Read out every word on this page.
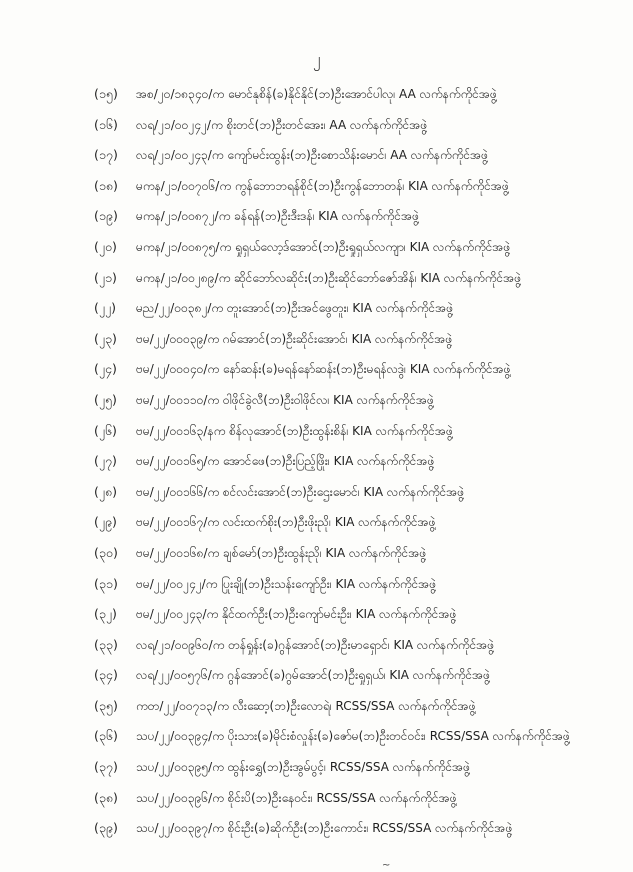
၂
(၁၅)	အစ/၂၀/၁၈၃၄၀/က မောင်နုစိန်(ခ)နိုင်နိုင်(ဘ)ဦးအောင်ပါလု၊ AA လက်နက်ကိုင်အဖွဲ့
(၁၆)	လရ/၂၁/၀၀၂၄၂/က စိုးတင်(ဘ)ဦးတင်အေး၊ AA လက်နက်ကိုင်အဖွဲ့
(၁၇)	လရ/၂၁/၀၀၂၄၃/က ကျော်မင်းထွန်း(ဘ)ဦးစောသိန်းမောင်၊ AA လက်နက်ကိုင်အဖွဲ့
(၁၈)	မကန/၂၁/၀၀၇၀၆/က ကွန်ဘောဘရန်စိုင်(ဘ)ဦးကွန်ဘောတန်၊ KIA လက်နက်ကိုင်အဖွဲ့
(၁၉)	မကန/၂၁/၀၀၈၇၂/က ခန်ရန်(ဘ)ဦးဒီးဒန်၊ KIA လက်နက်ကိုင်အဖွဲ့
(၂၀)	မကန/၂၁/၀၀၈၇၅/က ရှုရှယ်လော့ဒ်အောင်(ဘ)ဦးရှုရှယ်လကျာ၊ KIA လက်နက်ကိုင်အဖွဲ့
(၂၁)	မကန/၂၁/၀၀၂၈၉/က ဆိုင်ဘော်လဆိုင်း(ဘ)ဦးဆိုင်ဘော်ဇော်အိန်၊ KIA လက်နက်ကိုင်အဖွဲ့
(၂၂)	မည/၂၂/၀၀၃၈၂/က တူးအောင်(ဘ)ဦးအင်ဖွေတူး၊ KIA လက်နက်ကိုင်အဖွဲ့
(၂၃)	ဗမ/၂၂/၀၀၀၃၉/က ဂမ်အောင်(ဘ)ဦးဆိုင်းအောင်၊ KIA လက်နက်ကိုင်အဖွဲ့
(၂၄)	ဗမ/၂၂/၀၀၀၄၀/က နော်ဆန်း(ခ)မရန်နော်ဆန်း(ဘ)ဦးမရန်လဒွဲ၊ KIA လက်နက်ကိုင်အဖွဲ့
(၂၅)	ဗမ/၂၂/၀၀၁၁၀/က ဝါဖိုင်ခွဲလီ(ဘ)ဦးဝါဖိုင်လ၊ KIA လက်နက်ကိုင်အဖွဲ့
(၂၆)	ဗမ/၂၂/၀၀၁၆၃/နက စိန်လုအောင်(ဘ)ဦးထွန်းစိန်၊ KIA လက်နက်ကိုင်အဖွဲ့
(၂၇)	ဗမ/၂၂/၀၀၁၆၅/က အောင်ဖေ(ဘ)ဦးပြည့်ဖြိုး၊ KIA လက်နက်ကိုင်အဖွဲ့
(၂၈)	ဗမ/၂၂/၀၀၁၆၆/က စင်လင်းအောင်(ဘ)ဦးဌေးမောင်၊ KIA လက်နက်ကိုင်အဖွဲ့
(၂၉)	ဗမ/၂၂/၀၀၁၆၇/က လင်းထက်စိုး(ဘ)ဦးဖိုးညို၊ KIA လက်နက်ကိုင်အဖွဲ့
(၃၀)	ဗမ/၂၂/၀၀၁၆၈/က ချစ်မော်(ဘ)ဦးထွန်းညို၊ KIA လက်နက်ကိုင်အဖွဲ့
(၃၁)	ဗမ/၂၂/၀၀၂၄၂/က ပြုးချို(ဘ)ဦးသန်းကျော်ဦး၊ KIA လက်နက်ကိုင်အဖွဲ့
(၃၂)	ဗမ/၂၂/၀၀၂၄၃/က နိုင်ထက်ဦး(ဘ)ဦးကျော်မင်းဦး၊ KIA လက်နက်ကိုင်အဖွဲ့
(၃၃)	လရ/၂၁/၀၀၉၆၀/က တန်ရှုန်း(ခ)ဂွန်အောင်(ဘ)ဦးမာရှောင်၊ KIA လက်နက်ကိုင်အဖွဲ့
(၃၄)	လရ/၂၂/၀၀၅၇၆/က ဂွန်အောင်(ခ)ဂွမ်အောင်(ဘ)ဦးရှုရှယ်၊ KIA လက်နက်ကိုင်အဖွဲ့
(၃၅)	ကတ/၂၂/၀၀၇၁၃/က လီးဆော့(ဘ)ဦးလောရဲ၊ RCSS/SSA လက်နက်ကိုင်အဖွဲ့
(၃၆)	သပ/၂၂/၀၀၃၉၄/က ပိုးသား(ခ)မိုင်းစံလှုန်း(ခ)ဇော်မ(ဘ)ဦးတင်ဝင်း၊ RCSS/SSA လက်နက်ကိုင်အဖွဲ့
(၃၇)	သပ/၂၂/၀၀၃၉၅/က ထွန်းရွှေ(ဘ)ဦးအွမ်ပွင့်၊ RCSS/SSA လက်နက်ကိုင်အဖွဲ့
(၃၈)	သပ/၂၂/၀၀၃၉၆/က စိုင်းပိ(ဘ)ဦးနေဝင်း၊ RCSS/SSA လက်နက်ကိုင်အဖွဲ့
(၃၉)	သပ/၂၂/၀၀၃၉၇/က စိုင်းဦး(ခ)ဆိုက်ဦး(ဘ)ဦးကောင်း၊ RCSS/SSA လက်နက်ကိုင်အဖွဲ့
~
